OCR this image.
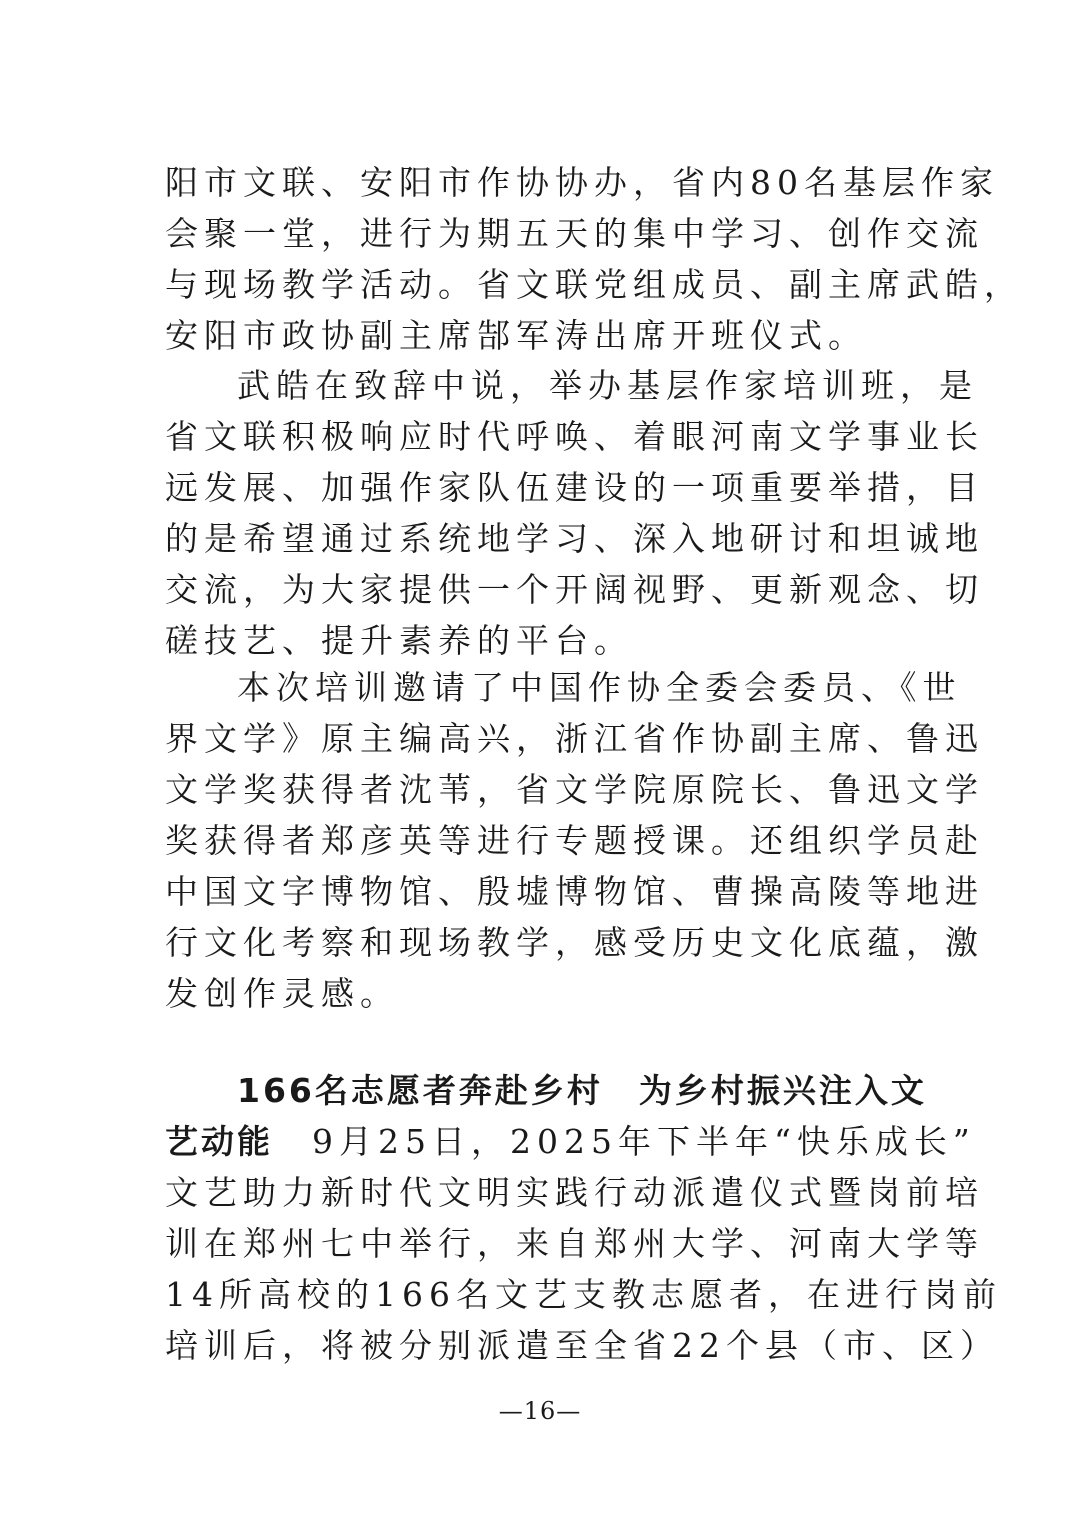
阳市文联、安阳市作协协办，省内80名基层作家
会聚一堂，进行为期五天的集中学习、创作交流
与现场教学活动。省文联党组成员、副主席武皓，
安阳市政协副主席郜军涛出席开班仪式。
武皓在致辞中说，举办基层作家培训班，是
省文联积极响应时代呼唤、着眼河南文学事业长
远发展、加强作家队伍建设的一项重要举措，目
的是希望通过系统地学习、深入地研讨和坦诚地
交流，为大家提供一个开阔视野、更新观念、切
磋技艺、提升素养的平台。
本次培训邀请了中国作协全委会委员、《世
界文学》原主编高兴，浙江省作协副主席、鲁迅
文学奖获得者沈苇，省文学院原院长、鲁迅文学
奖获得者郑彦英等进行专题授课。还组织学员赴
中国文字博物馆、殷墟博物馆、曹操高陵等地进
行文化考察和现场教学，感受历史文化底蕴，激
发创作灵感。
166名志愿者奔赴乡村　为乡村振兴注入文
艺动能　9月25日，2025年下半年“快乐成长”
文艺助力新时代文明实践行动派遣仪式暨岗前培
训在郑州七中举行，来自郑州大学、河南大学等
14所高校的166名文艺支教志愿者，在进行岗前
培训后，将被分别派遣至全省22个县（市、区）
—16—
